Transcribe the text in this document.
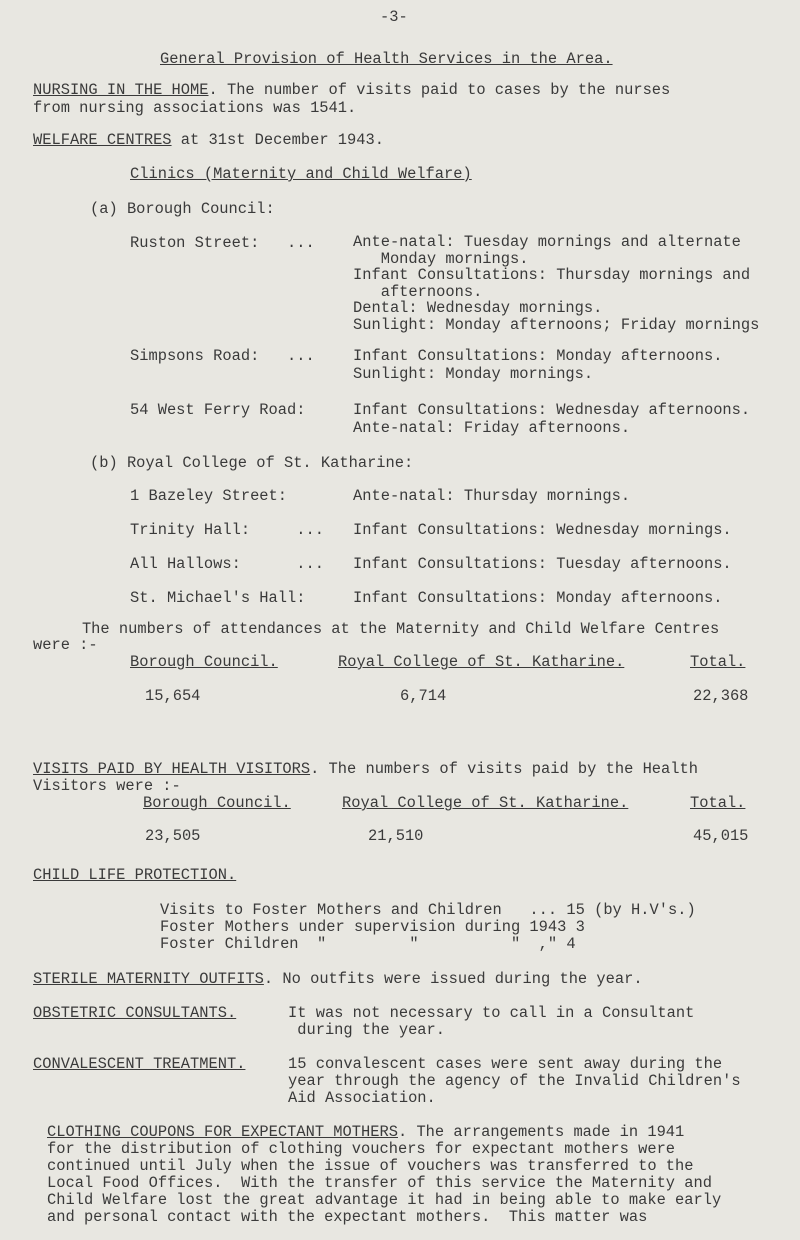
-3-
General Provision of Health Services in the Area.
NURSING IN THE HOME. The number of visits paid to cases by the nurses
from nursing associations was 1541.
WELFARE CENTRES at 31st December 1943.
Clinics (Maternity and Child Welfare)
(a) Borough Council:
Ruston Street:   ... Ante-natal: Tuesday mornings and alternate
Monday mornings.
Infant Consultations: Thursday mornings and
afternoons.
Dental: Wednesday mornings.
Sunlight: Monday afternoons; Friday mornings
Simpsons Road:   ... Infant Consultations: Monday afternoons.
Sunlight: Monday mornings.
54 West Ferry Road:	Infant Consultations: Wednesday afternoons.
Ante-natal: Friday afternoons.
(b) Royal College of St. Katharine:
1 Bazeley Street:	Ante-natal: Thursday mornings.
Trinity Hall:     ... Infant Consultations: Wednesday mornings.
All Hallows:      ... Infant Consultations: Tuesday afternoons.
St. Michael's Hall:	Infant Consultations: Monday afternoons.
The numbers of attendances at the Maternity and Child Welfare Centres
were :-
Borough Council.	Royal College of St. Katharine.	Total.
15,654	6,714	22,368
VISITS PAID BY HEALTH VISITORS. The numbers of visits paid by the Health
Visitors were :-
Borough Council.	Royal College of St. Katharine.	Total.
23,505	21,510	45,015
CHILD LIFE PROTECTION.
Visits to Foster Mothers and Children   ... 15 (by H.V's.)
Foster Mothers under supervision during 1943 3
Foster Children  "         "          "  ," 4
STERILE MATERNITY OUTFITS. No outfits were issued during the year.
OBSTETRIC CONSULTANTS.	It was not necessary to call in a Consultant
during the year.
CONVALESCENT TREATMENT.	15 convalescent cases were sent away during the
year through the agency of the Invalid Children's
Aid Association.
CLOTHING COUPONS FOR EXPECTANT MOTHERS. The arrangements made in 1941
for the distribution of clothing vouchers for expectant mothers were
continued until July when the issue of vouchers was transferred to the
Local Food Offices.  With the transfer of this service the Maternity and
Child Welfare lost the great advantage it had in being able to make early
and personal contact with the expectant mothers.  This matter was
